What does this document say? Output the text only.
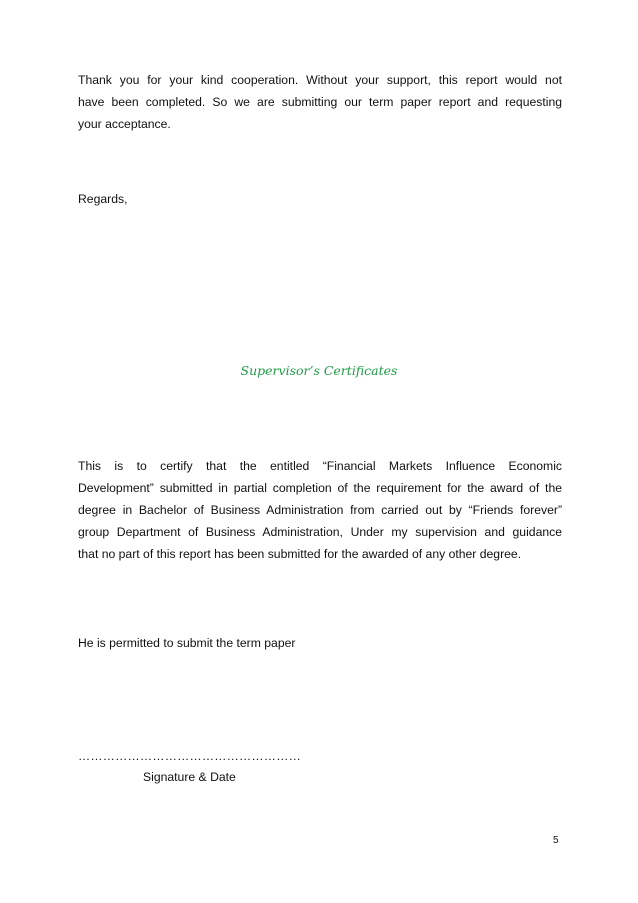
Thank you for your kind cooperation. Without your support, this report would not
have been completed. So we are submitting our term paper report and requesting
your acceptance.
Regards,
Supervisor’s Certificates
This is to certify that the entitled “Financial Markets Influence Economic
Development” submitted in partial completion of the requirement for the award of the
degree in Bachelor of Business Administration from carried out by “Friends forever”
group Department of Business Administration, Under my supervision and guidance
that no part of this report has been submitted for the awarded of any other degree.
He is permitted to submit the term paper
………………………………………………
Signature & Date
5
